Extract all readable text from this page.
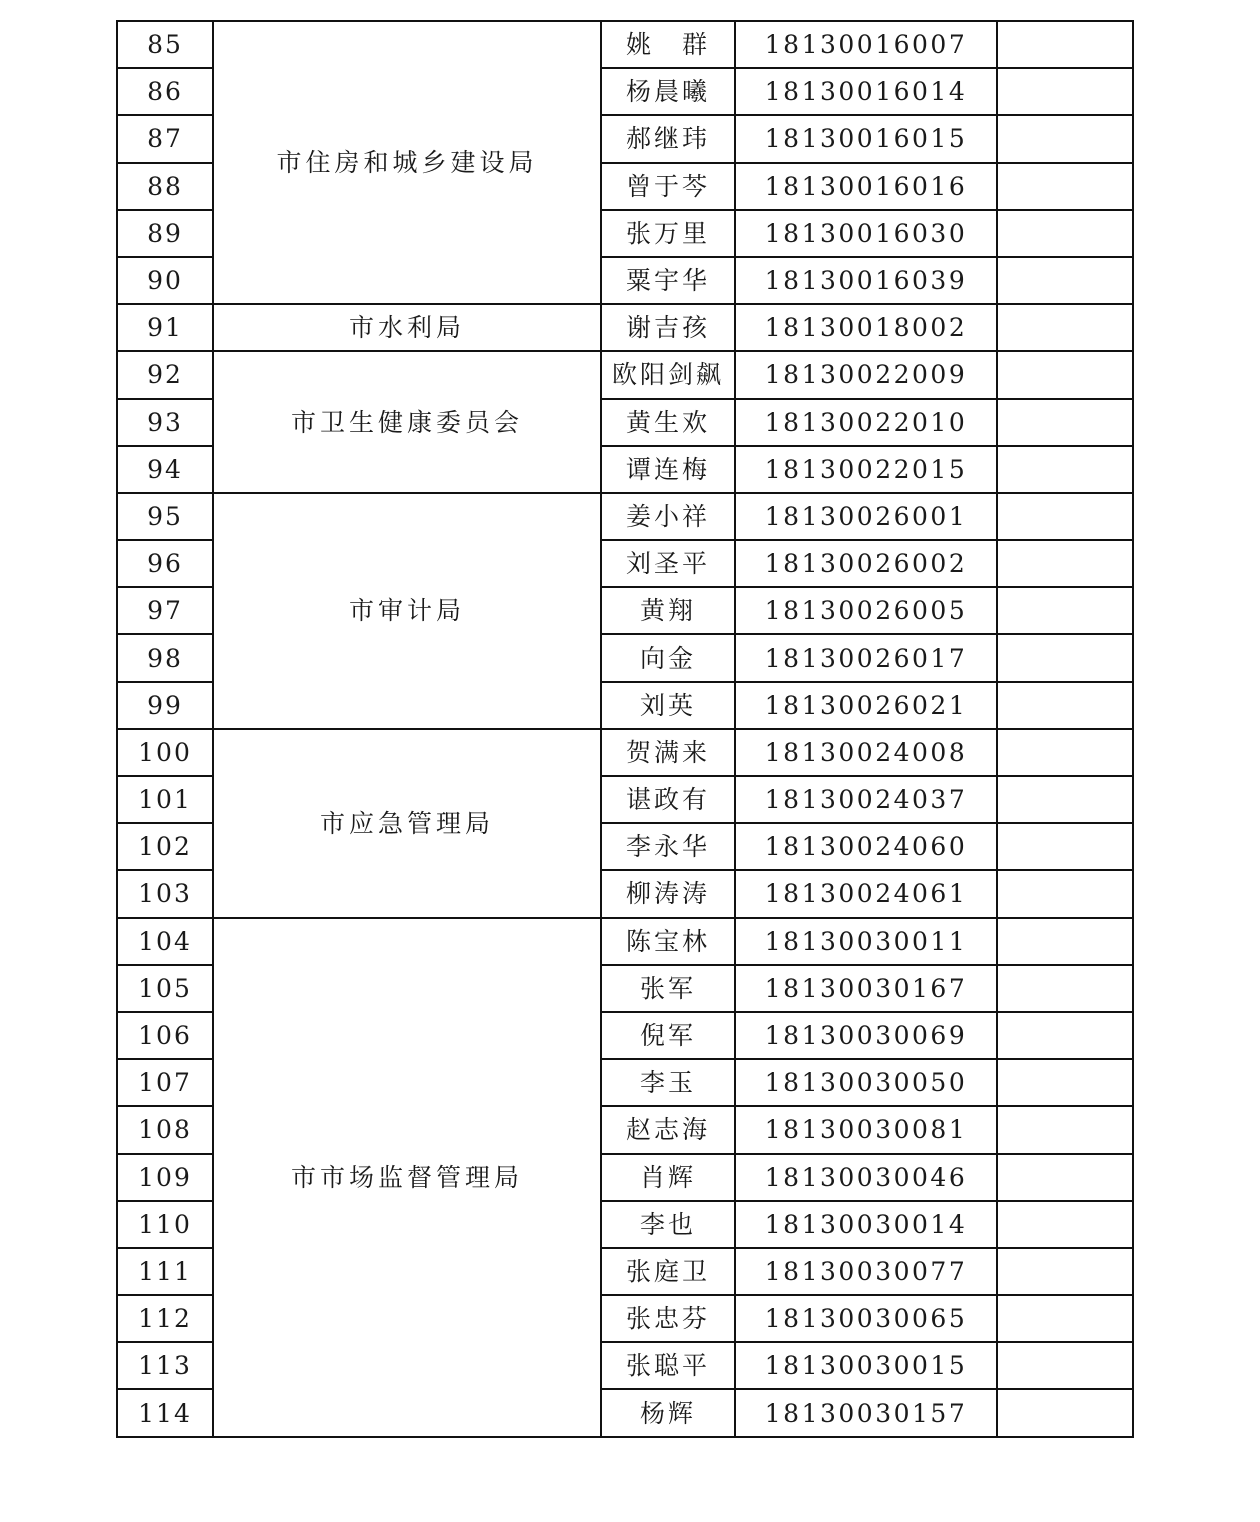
85	市住房和城乡建设局	姚　群	18130016007	
86		杨晨曦	18130016014	
87		郝继玮	18130016015	
88		曾于芩	18130016016	
89		张万里	18130016030	
90		粟宇华	18130016039	
91	市水利局	谢吉孩	18130018002	
92	市卫生健康委员会	欧阳剑飙	18130022009	
93		黄生欢	18130022010	
94		谭连梅	18130022015	
95	市审计局	姜小祥	18130026001	
96		刘圣平	18130026002	
97		黄翔	18130026005	
98		向金	18130026017	
99		刘英	18130026021	
100	市应急管理局	贺满来	18130024008	
101		谌政有	18130024037	
102		李永华	18130024060	
103		柳涛涛	18130024061	
104	市市场监督管理局	陈宝林	18130030011	
105		张军	18130030167	
106		倪军	18130030069	
107		李玉	18130030050	
108		赵志海	18130030081	
109		肖辉	18130030046	
110		李也	18130030014	
111		张庭卫	18130030077	
112		张忠芬	18130030065	
113		张聪平	18130030015	
114		杨辉	18130030157	
